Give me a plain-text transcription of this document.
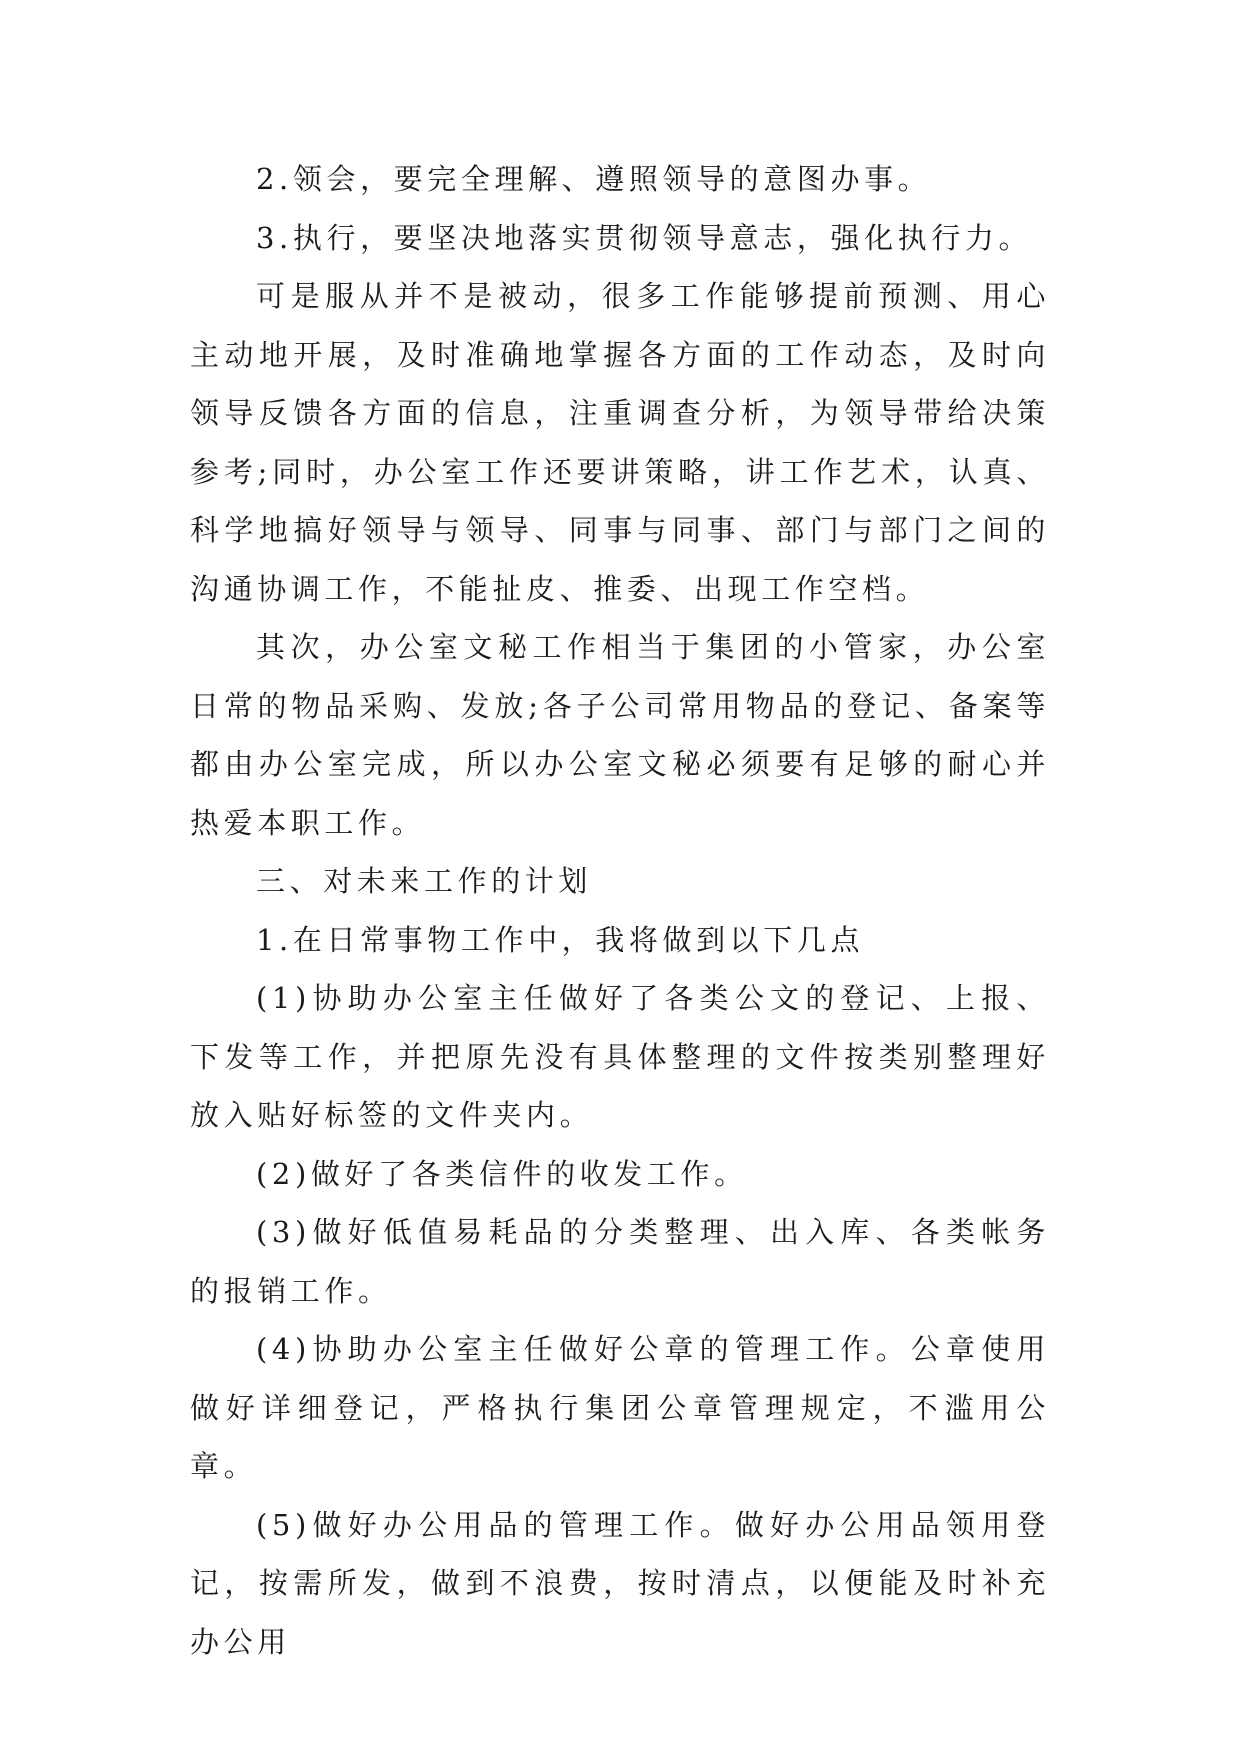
2.领会，要完全理解、遵照领导的意图办事。

3.执行，要坚决地落实贯彻领导意志，强化执行力。

可是服从并不是被动，很多工作能够提前预测、用心主动地开展，及时准确地掌握各方面的工作动态，及时向领导反馈各方面的信息，注重调查分析，为领导带给决策参考;同时，办公室工作还要讲策略，讲工作艺术，认真、科学地搞好领导与领导、同事与同事、部门与部门之间的沟通协调工作，不能扯皮、推委、出现工作空档。

其次，办公室文秘工作相当于集团的小管家，办公室日常的物品采购、发放;各子公司常用物品的登记、备案等都由办公室完成，所以办公室文秘必须要有足够的耐心并热爱本职工作。

三、对未来工作的计划

1.在日常事物工作中，我将做到以下几点

(1)协助办公室主任做好了各类公文的登记、上报、下发等工作，并把原先没有具体整理的文件按类别整理好放入贴好标签的文件夹内。

(2)做好了各类信件的收发工作。

(3)做好低值易耗品的分类整理、出入库、各类帐务的报销工作。

(4)协助办公室主任做好公章的管理工作。公章使用做好详细登记，严格执行集团公章管理规定，不滥用公章。

(5)做好办公用品的管理工作。做好办公用品领用登记，按需所发，做到不浪费，按时清点，以便能及时补充办公用
